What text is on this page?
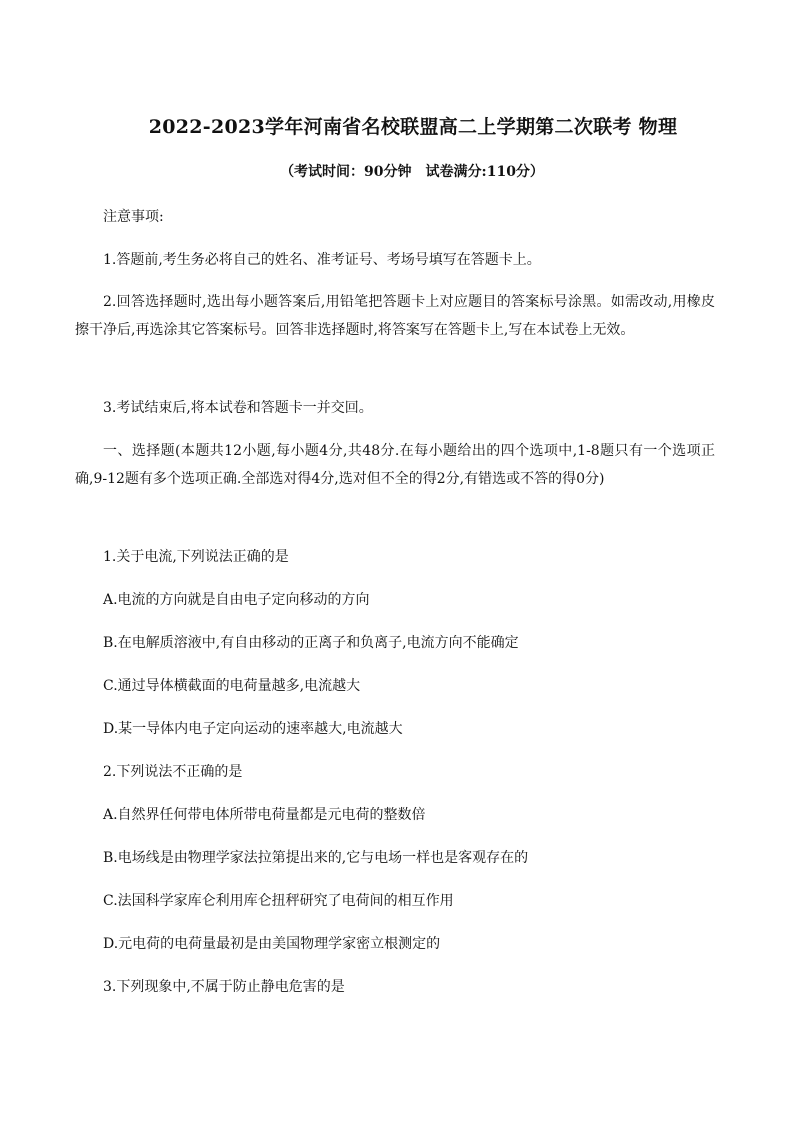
2022-2023学年河南省名校联盟高二上学期第二次联考 物理
（考试时间：90分钟　试卷满分:110分）
注意事项:
1.答题前,考生务必将自己的姓名、准考证号、考场号填写在答题卡上。
2.回答选择题时,选出每小题答案后,用铅笔把答题卡上对应题目的答案标号涂黑。如需改动,用橡皮擦干净后,再选涂其它答案标号。回答非选择题时,将答案写在答题卡上,写在本试卷上无效。
3.考试结束后,将本试卷和答题卡一并交回。
一、选择题(本题共12小题,每小题4分,共48分.在每小题给出的四个选项中,1-8题只有一个选项正确,9-12题有多个选项正确.全部选对得4分,选对但不全的得2分,有错选或不答的得0分)
1.关于电流,下列说法正确的是
A.电流的方向就是自由电子定向移动的方向
B.在电解质溶液中,有自由移动的正离子和负离子,电流方向不能确定
C.通过导体横截面的电荷量越多,电流越大
D.某一导体内电子定向运动的速率越大,电流越大
2.下列说法不正确的是
A.自然界任何带电体所带电荷量都是元电荷的整数倍
B.电场线是由物理学家法拉第提出来的,它与电场一样也是客观存在的
C.法国科学家库仑利用库仑扭秤研究了电荷间的相互作用
D.元电荷的电荷量最初是由美国物理学家密立根测定的
3.下列现象中,不属于防止静电危害的是
